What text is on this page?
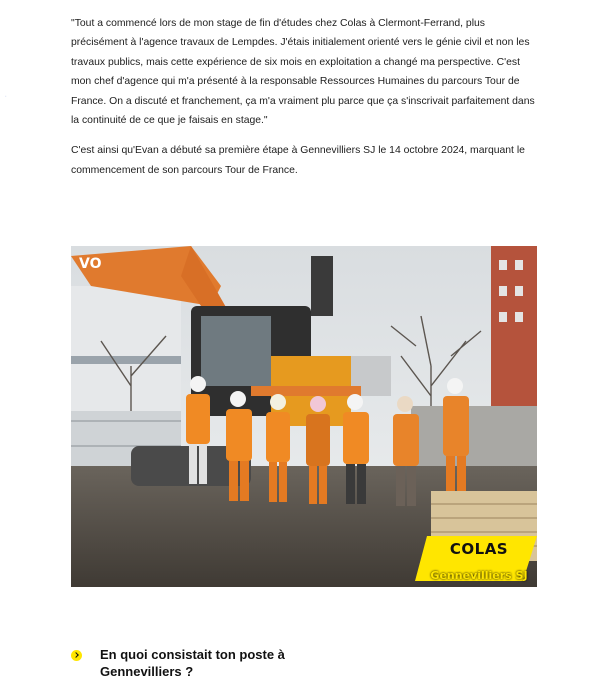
.

"Tout a commencé lors de mon stage de fin d'études chez Colas à Clermont-Ferrand, plus précisément à l'agence travaux de Lempdes. J'étais initialement orienté vers le génie civil et non les travaux publics, mais cette expérience de six mois en exploitation a changé ma perspective. C'est mon chef d'agence qui m'a présenté à la responsable Ressources Humaines du parcours Tour de France. On a discuté et franchement, ça m'a vraiment plu parce que ça s'inscrivait parfaitement dans la continuité de ce que je faisais en stage."

C'est ainsi qu'Evan a débuté sa première étape à Gennevilliers SJ le 14 octobre 2024, marquant le commencement de son parcours Tour de France.

VO
COLAS
Gennevilliers SJ
En quoi consistait ton poste à Gennevilliers ?
